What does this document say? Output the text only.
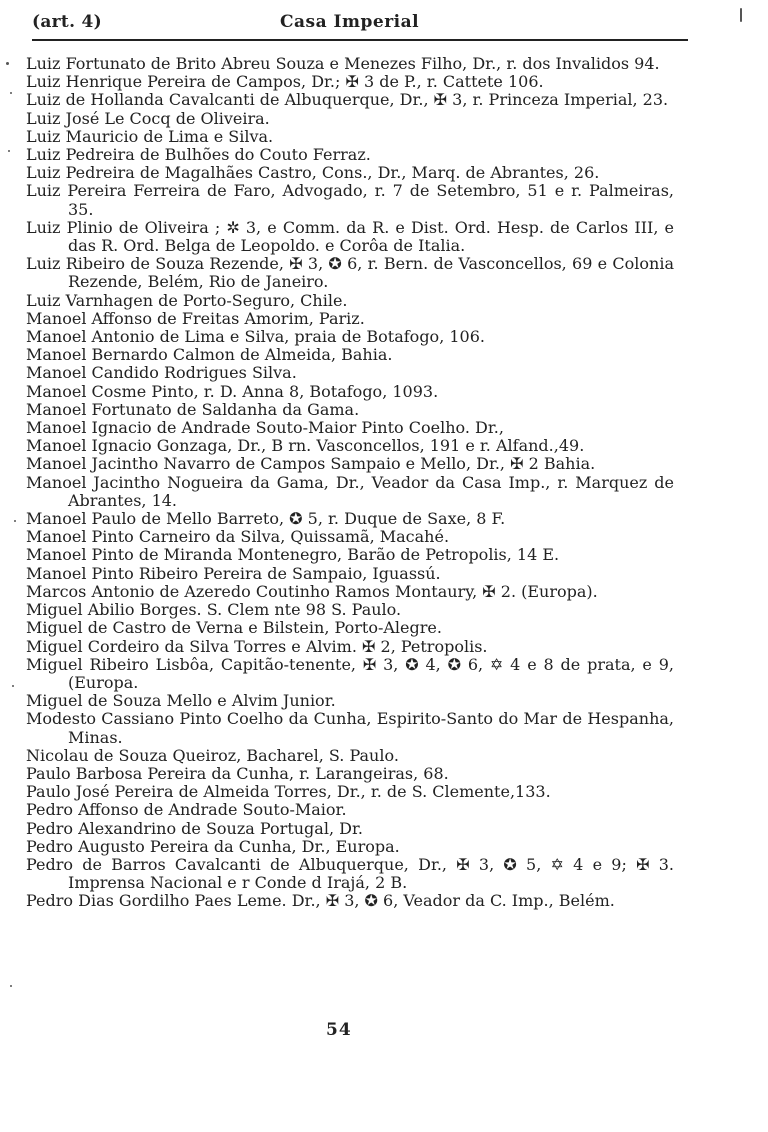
(art. 4)	Casa Imperial
Luiz Fortunato de Brito Abreu Souza e Menezes Filho, Dr., r. dos Invalidos 94.
Luiz Henrique Pereira de Campos, Dr.; ✠ 3 de P., r. Cattete 106.
Luiz de Hollanda Cavalcanti de Albuquerque, Dr., ✠ 3, r. Princeza Imperial, 23.
Luiz José Le Cocq de Oliveira.
Luiz Mauricio de Lima e Silva.
Luiz Pedreira de Bulhões do Couto Ferraz.
Luiz Pedreira de Magalhães Castro, Cons., Dr., Marq. de Abrantes, 26.
Luiz Pereira Ferreira de Faro, Advogado, r. 7 de Setembro, 51 e r. Palmeiras, 35.
Luiz Plinio de Oliveira ; ✲ 3, e Comm. da R. e Dist. Ord. Hesp. de Carlos III, e das R. Ord. Belga de Leopoldo. e Corôa de Italia.
Luiz Ribeiro de Souza Rezende, ✠ 3, ✪ 6, r. Bern. de Vasconcellos, 69 e Colonia Rezende, Belém, Rio de Janeiro.
Luiz Varnhagen de Porto-Seguro, Chile.
Manoel Affonso de Freitas Amorim, Pariz.
Manoel Antonio de Lima e Silva, praia de Botafogo, 106.
Manoel Bernardo Calmon de Almeida, Bahia.
Manoel Candido Rodrigues Silva.
Manoel Cosme Pinto, r. D. Anna 8, Botafogo, 1093.
Manoel Fortunato de Saldanha da Gama.
Manoel Ignacio de Andrade Souto-Maior Pinto Coelho. Dr.,
Manoel Ignacio Gonzaga, Dr., B rn. Vasconcellos, 191 e r. Alfand.,49.
Manoel Jacintho Navarro de Campos Sampaio e Mello, Dr., ✠ 2 Bahia.
Manoel Jacintho Nogueira da Gama, Dr., Veador da Casa Imp., r. Marquez de Abrantes, 14.
Manoel Paulo de Mello Barreto, ✪ 5, r. Duque de Saxe, 8 F.
Manoel Pinto Carneiro da Silva, Quissamã, Macahé.
Manoel Pinto de Miranda Montenegro, Barão de Petropolis, 14 E.
Manoel Pinto Ribeiro Pereira de Sampaio, Iguassú.
Marcos Antonio de Azeredo Coutinho Ramos Montaury, ✠ 2. (Europa).
Miguel Abilio Borges. S. Clem nte 98 S. Paulo.
Miguel de Castro de Verna e Bilstein, Porto-Alegre.
Miguel Cordeiro da Silva Torres e Alvim. ✠ 2, Petropolis.
Miguel Ribeiro Lisbôa, Capitão-tenente, ✠ 3, ✪ 4, ✪ 6, ✡ 4 e 8 de prata, e 9, (Europa.
Miguel de Souza Mello e Alvim Junior.
Modesto Cassiano Pinto Coelho da Cunha, Espirito-Santo do Mar de Hespanha, Minas.
Nicolau de Souza Queiroz, Bacharel, S. Paulo.
Paulo Barbosa Pereira da Cunha, r. Larangeiras, 68.
Paulo José Pereira de Almeida Torres, Dr., r. de S. Clemente,133.
Pedro Affonso de Andrade Souto-Maior.
Pedro Alexandrino de Souza Portugal, Dr.
Pedro Augusto Pereira da Cunha, Dr., Europa.
Pedro de Barros Cavalcanti de Albuquerque, Dr., ✠ 3, ✪ 5, ✡ 4 e 9; ✠ 3. Imprensa Nacional e r Conde d Irajá, 2 B.
Pedro Dias Gordilho Paes Leme. Dr., ✠ 3, ✪ 6, Veador da C. Imp., Belém.
54
